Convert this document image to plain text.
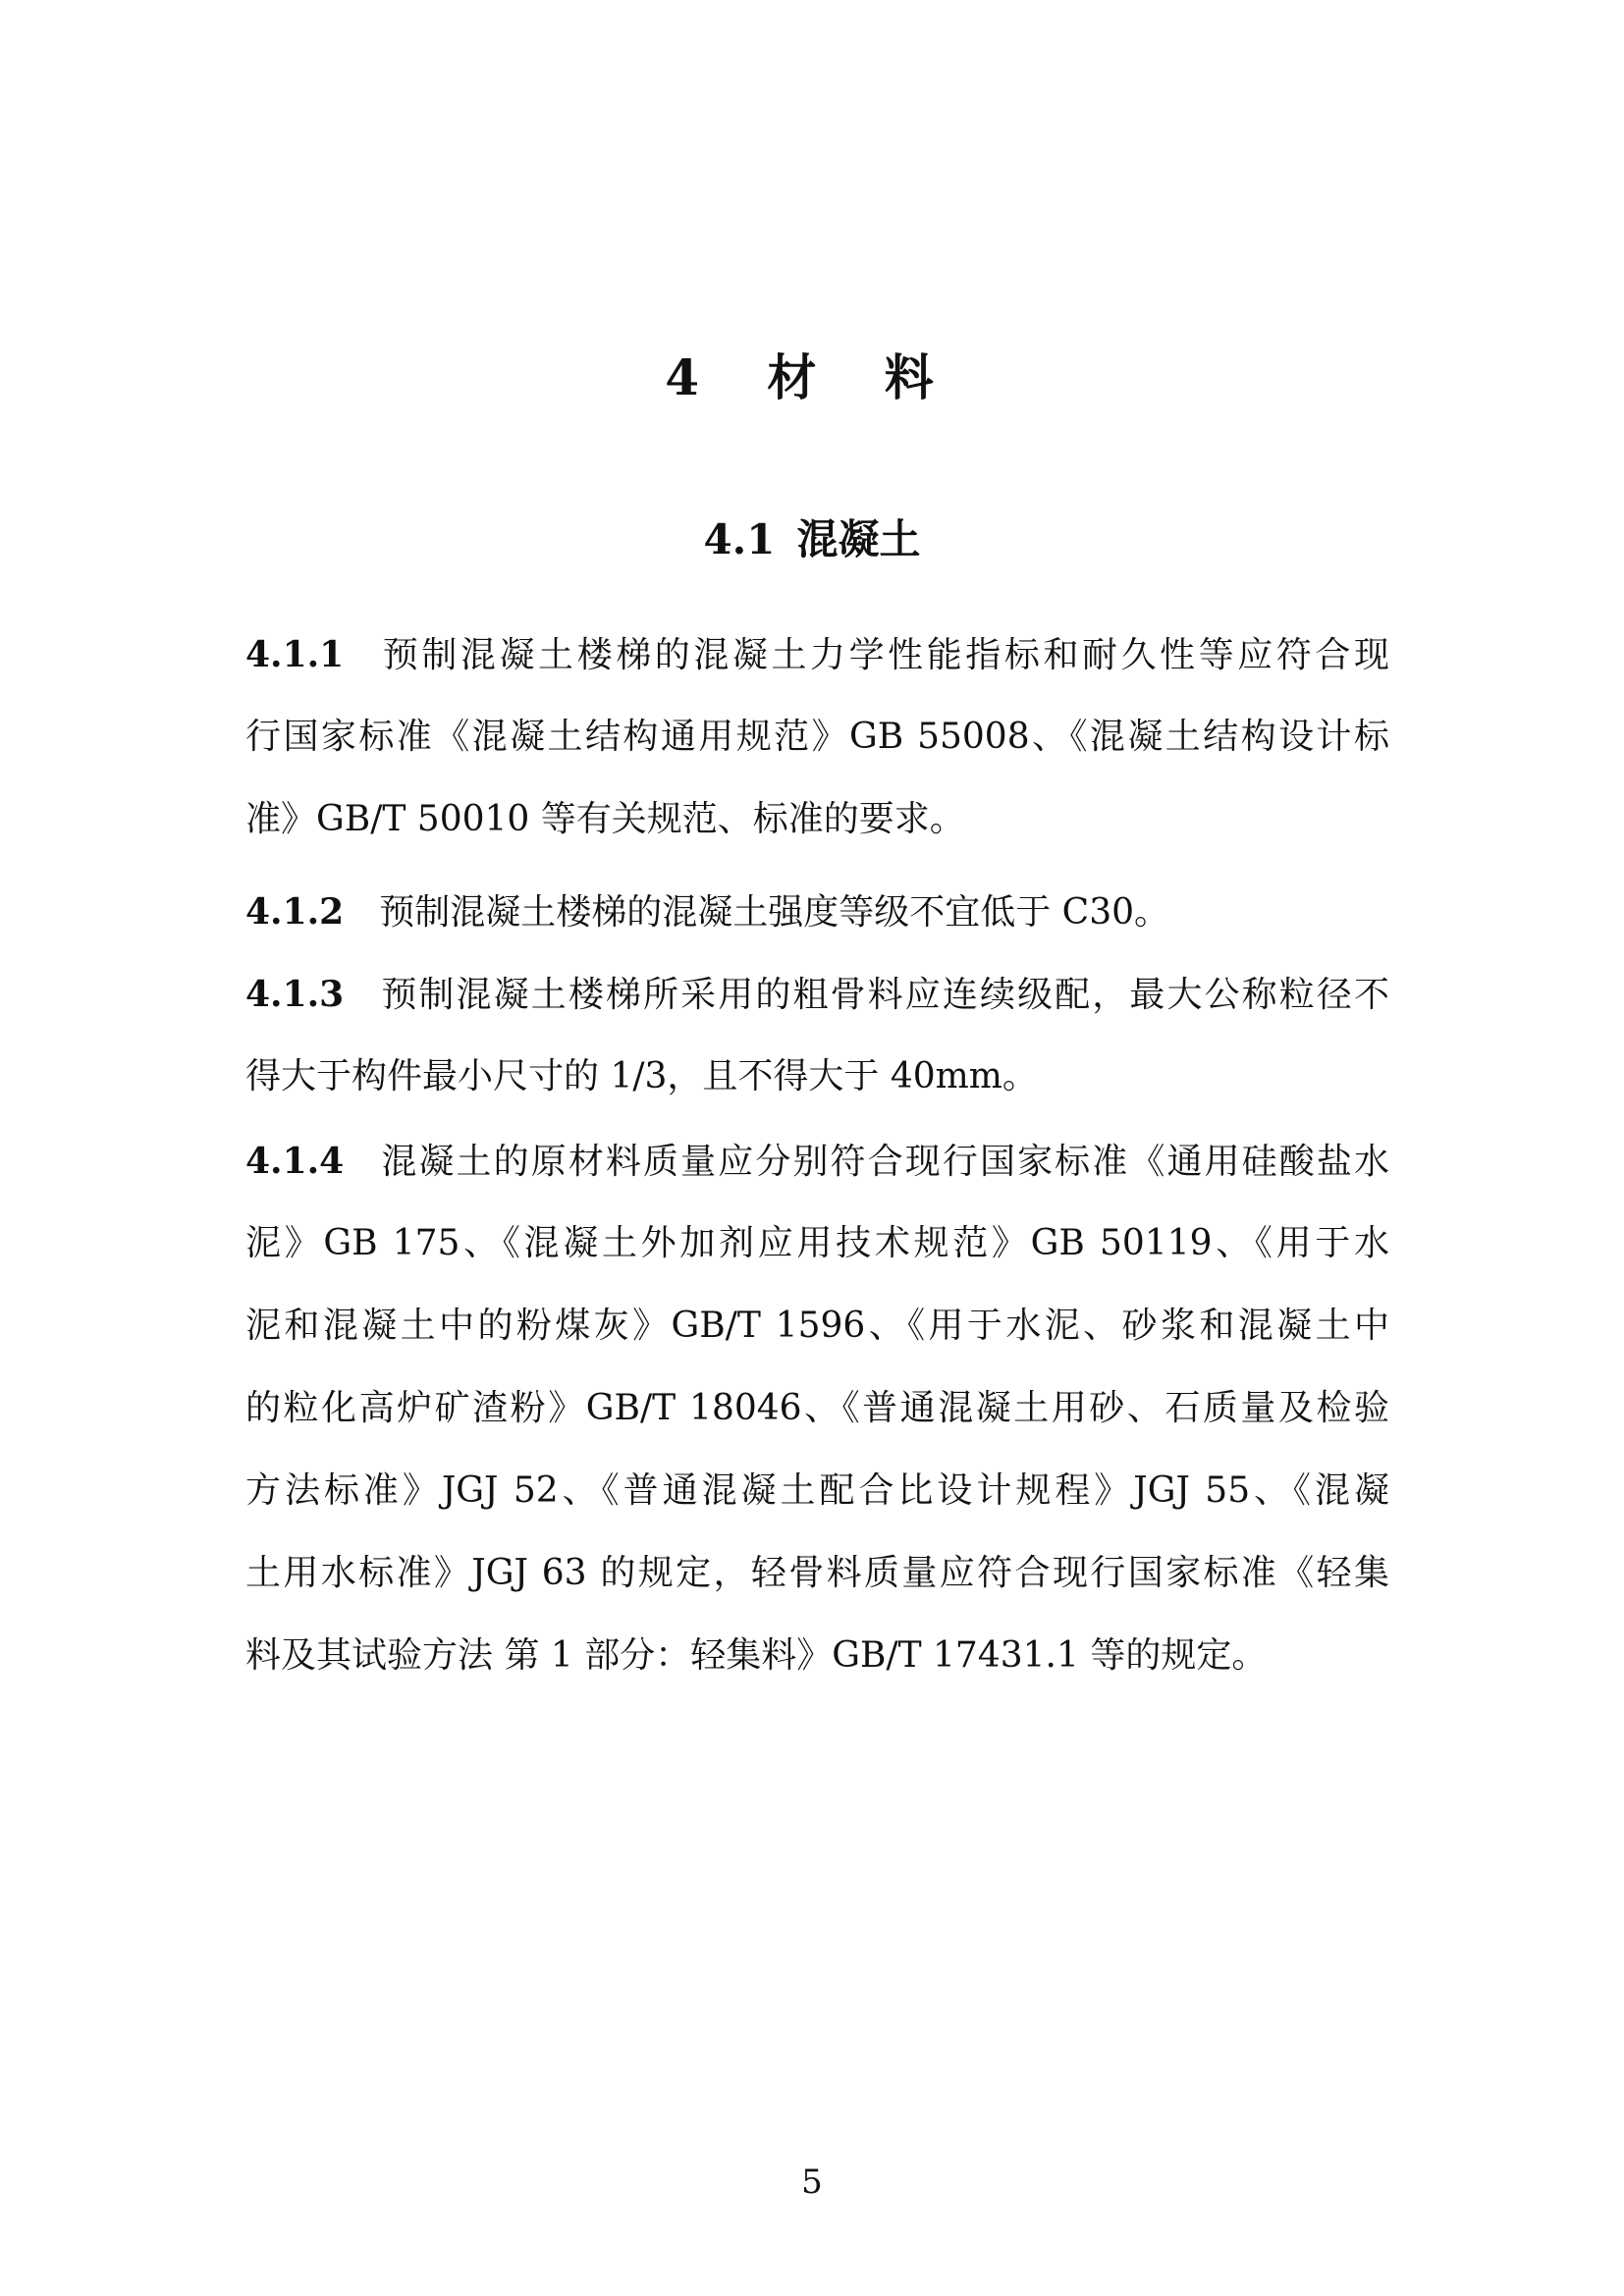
4 材 料
4.1 混凝土
4.1.1 预制混凝土楼梯的混凝土力学性能指标和耐久性等应符合现
行国家标准《混凝土结构通用规范》GB 55008、《混凝土结构设计标
准》GB/T 50010 等有关规范、标准的要求。
4.1.2 预制混凝土楼梯的混凝土强度等级不宜低于 C30。
4.1.3 预制混凝土楼梯所采用的粗骨料应连续级配，最大公称粒径不
得大于构件最小尺寸的 1/3，且不得大于 40mm。
4.1.4 混凝土的原材料质量应分别符合现行国家标准《通用硅酸盐水
泥》GB 175、《混凝土外加剂应用技术规范》GB 50119、《用于水
泥和混凝土中的粉煤灰》GB/T 1596、《用于水泥、砂浆和混凝土中
的粒化高炉矿渣粉》GB/T 18046、《普通混凝土用砂、石质量及检验
方法标准》JGJ 52、《普通混凝土配合比设计规程》JGJ 55、《混凝
土用水标准》JGJ 63 的规定，轻骨料质量应符合现行国家标准《轻集
料及其试验方法 第 1 部分：轻集料》GB/T 17431.1 等的规定。
5
